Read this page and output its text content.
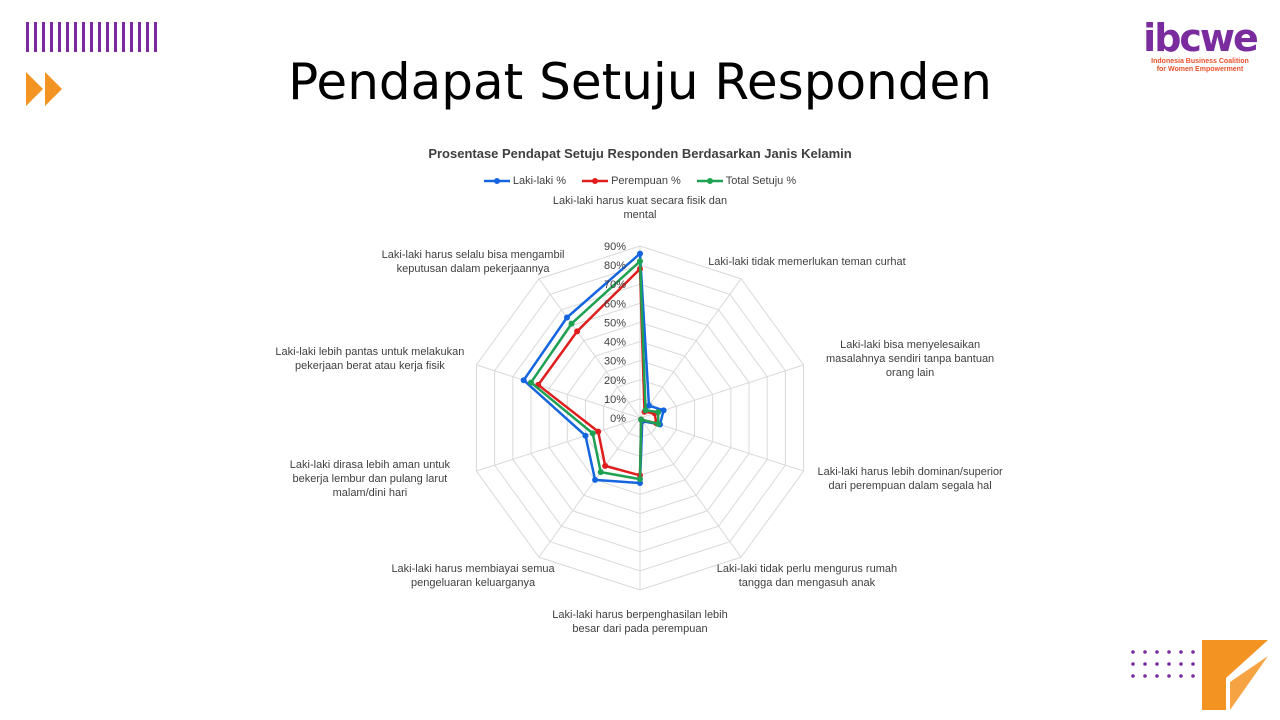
ibcwe
Indonesia Business Coalition
for Women Empowerment
Pendapat Setuju Responden
Prosentase Pendapat Setuju Responden Berdasarkan Janis Kelamin
Laki-laki %	Perempuan %	Total Setuju %
0%
10%
20%
30%
40%
50%
60%
70%
80%
90%
Laki-laki harus kuat secara fisik dan mental
Laki-laki tidak memerlukan teman curhat
Laki-laki bisa menyelesaikan masalahnya sendiri tanpa bantuan orang lain
Laki-laki harus lebih dominan/superior dari perempuan dalam segala hal
Laki-laki tidak perlu mengurus rumah tangga dan mengasuh anak
Laki-laki harus berpenghasilan lebih besar dari pada perempuan
Laki-laki harus membiayai semua pengeluaran keluarganya
Laki-laki dirasa lebih aman untuk bekerja lembur dan pulang larut malam/dini hari
Laki-laki lebih pantas untuk melakukan pekerjaan berat atau kerja fisik
Laki-laki harus selalu bisa mengambil keputusan dalam pekerjaannya
